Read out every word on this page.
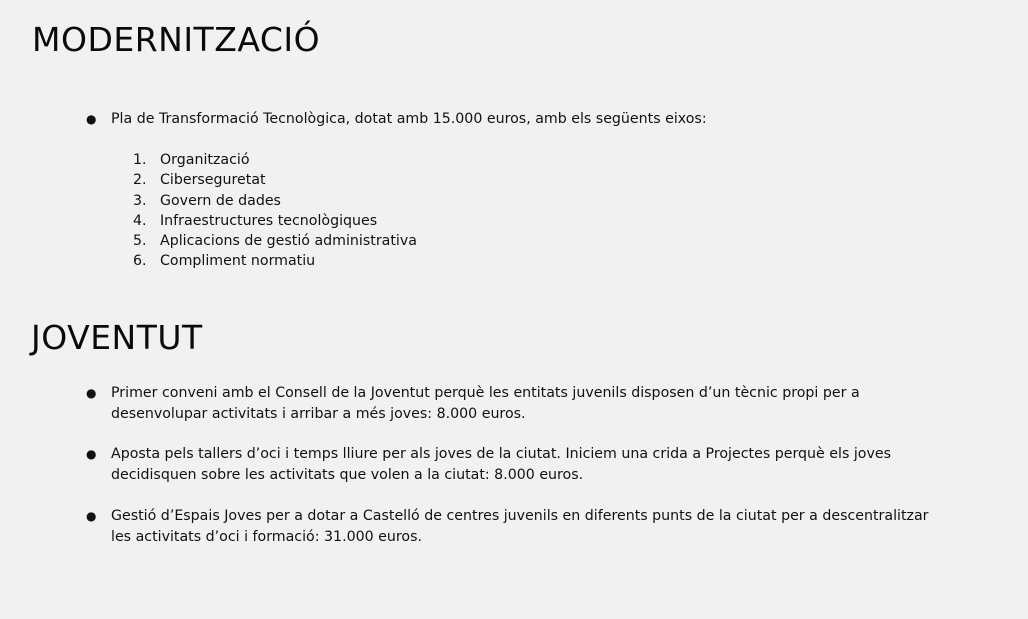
MODERNITZACIÓ
●	Pla de Transformació Tecnològica, dotat amb 15.000 euros, amb els següents eixos:
1. Organització
2. Ciberseguretat
3. Govern de dades
4. Infraestructures tecnològiques
5. Aplicacions de gestió administrativa
6. Compliment normatiu
JOVENTUT
●	Primer conveni amb el Consell de la Joventut perquè les entitats juvenils disposen d’un tècnic propi per a desenvolupar activitats i arribar a més joves: 8.000 euros.
●	Aposta pels tallers d’oci i temps lliure per als joves de la ciutat. Iniciem una crida a Projectes perquè els joves decidisquen sobre les activitats que volen a la ciutat: 8.000 euros.
●	Gestió d’Espais Joves per a dotar a Castelló de centres juvenils en diferents punts de la ciutat per a descentralitzar les activitats d’oci i formació: 31.000 euros.
